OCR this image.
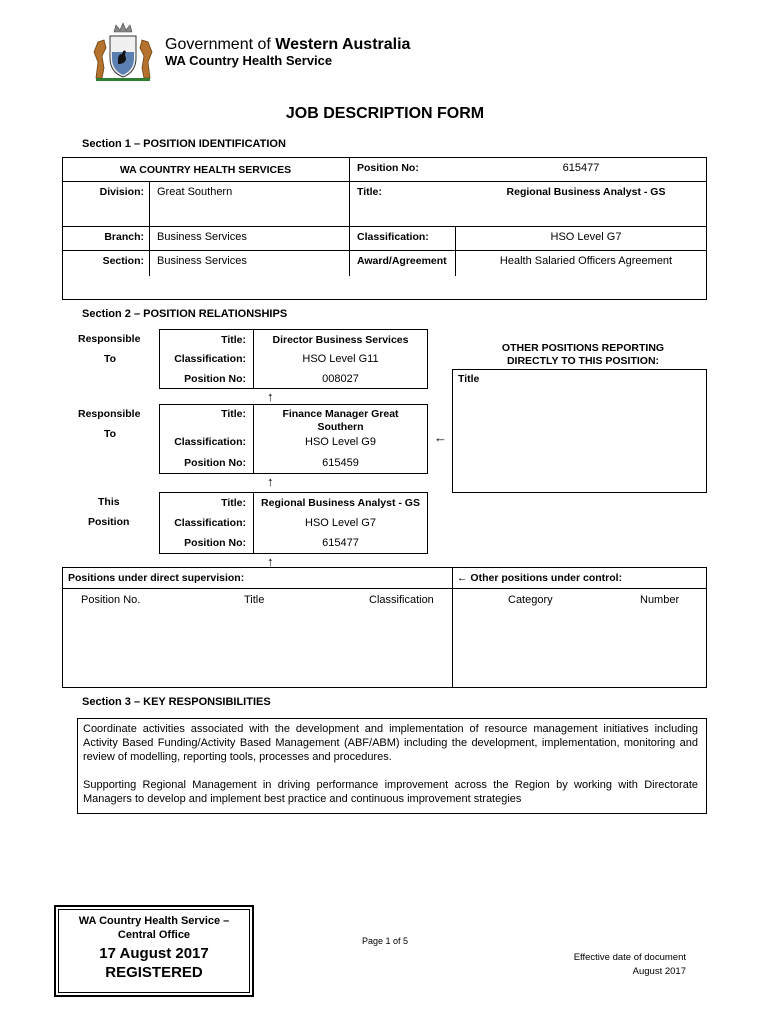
Government of Western Australia
WA Country Health Service
JOB DESCRIPTION FORM
Section 1 – POSITION IDENTIFICATION
WA COUNTRY HEALTH SERVICES	Position No:	615477
Division: Great Southern	Title:	Regional Business Analyst - GS
Branch: Business Services	Classification:	HSO Level G7
Section: Business Services	Award/Agreement	Health Salaried Officers Agreement
Section 2 – POSITION RELATIONSHIPS
Responsible
To
Responsible
To
This
Position
Title:	Director Business Services
Classification:	HSO Level G11
Position No:	008027
↑
Title:	Finance Manager Great Southern
Classification:	HSO Level G9
Position No:	615459
←
↑
Title:	Regional Business Analyst - GS
Classification:	HSO Level G7
Position No:	615477
↑
OTHER POSITIONS REPORTING DIRECTLY TO THIS POSITION:
Title
Positions under direct supervision:	← Other positions under control:
Position No.	Title	Classification	Category	Number
Section 3 – KEY RESPONSIBILITIES
Coordinate activities associated with the development and implementation of resource management initiatives including Activity Based Funding/Activity Based Management (ABF/ABM) including the development, implementation, monitoring and review of modelling, reporting tools, processes and procedures.
Supporting Regional Management in driving performance improvement across the Region by working with Directorate Managers to develop and implement best practice and continuous improvement strategies
WA Country Health Service – Central Office
17 August 2017
REGISTERED
Page 1 of 5
Effective date of document
August 2017
